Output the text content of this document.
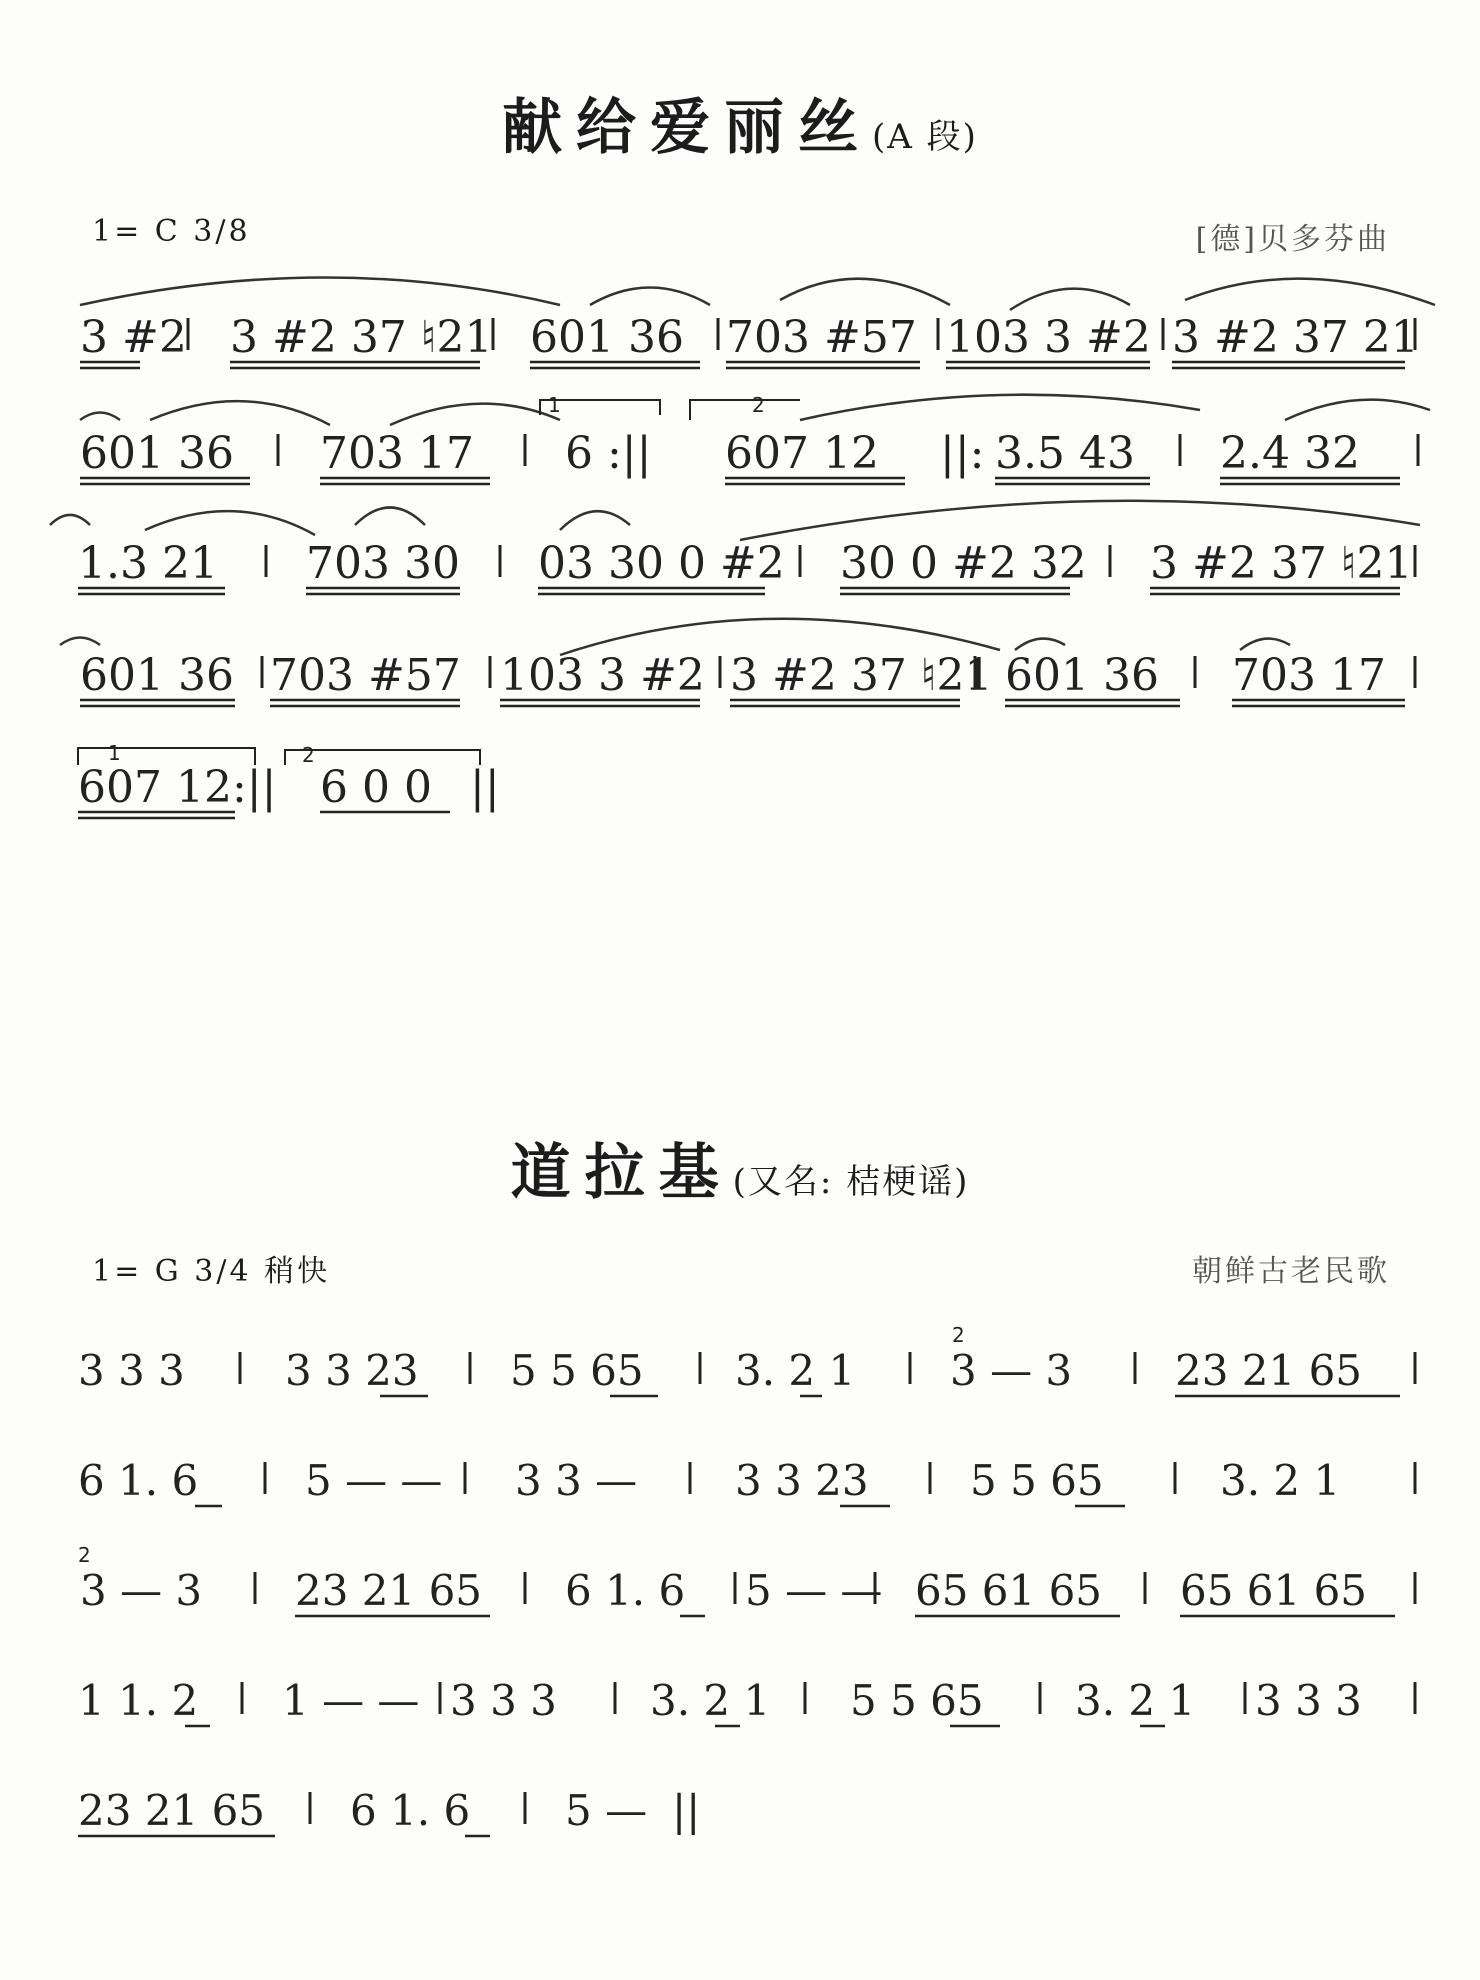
献给爱丽丝(A 段)
1= C 3/8	[德]贝多芬曲
3 #2 3 #2 37 ♮21 601 36 703 #57 103 3 #2 3 #2 37 21
1	2
601 36 703 17 6 :|| 607 12 ||: 3.5 43 2.4 32
1.3 21 703 30 03 30 0 #2 30 0 #2 32 3 #2 37 ♮21
601 36 703 #57 103 3 #2 3 #2 37 ♮21 601 36 703 17
1	2
607 12:|| 6 0 0 ||
道拉基(又名: 桔梗谣)
1= G 3/4 稍快	朝鲜古老民歌
3 3 3 3 3 23 5 5 65 3. 2 1
2
3 — 3 23 21 65
6 1. 6	5 — — 3 3 — 3 3 23 5 5 65	3. 2 1
2
3 — 3 23 21 65 6 1. 6 5 — — 65 61 65 65 61 65
1 1. 2 1 — — 3 3 3 3. 2 1 5 5 65 3. 2 1 3 3 3
23 21 65 6 1. 6 5 — ||
